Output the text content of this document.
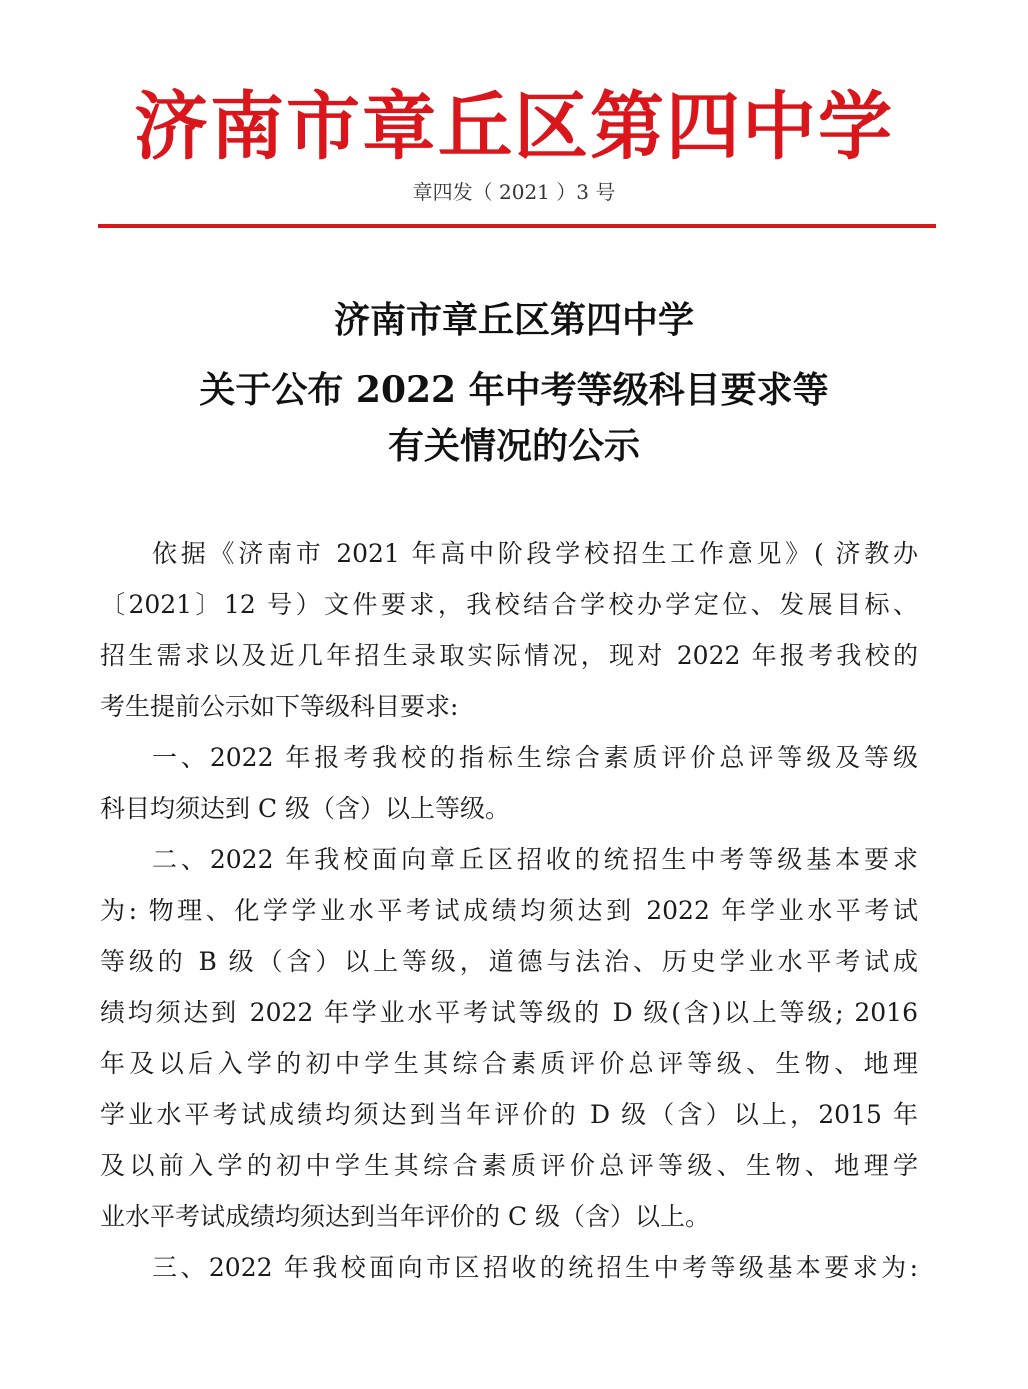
济南市章丘区第四中学
章四发（ 2021 ）3 号
济南市章丘区第四中学
关于公布 2022 年中考等级科目要求等
有关情况的公示
依据《济南市 2021 年高中阶段学校招生工作意见》( 济教办
〔2021〕12 号）文件要求，我校结合学校办学定位、发展目标、
招生需求以及近几年招生录取实际情况，现对 2022 年报考我校的
考生提前公示如下等级科目要求:
一、2022 年报考我校的指标生综合素质评价总评等级及等级
科目均须达到 C 级（含）以上等级。
二、2022 年我校面向章丘区招收的统招生中考等级基本要求
为: 物理、化学学业水平考试成绩均须达到 2022 年学业水平考试
等级的 B 级（含）以上等级，道德与法治、历史学业水平考试成
绩均须达到 2022 年学业水平考试等级的 D 级(含)以上等级; 2016
年及以后入学的初中学生其综合素质评价总评等级、生物、地理
学业水平考试成绩均须达到当年评价的 D 级（含）以上，2015 年
及以前入学的初中学生其综合素质评价总评等级、生物、地理学
业水平考试成绩均须达到当年评价的 C 级（含）以上。
三、2022 年我校面向市区招收的统招生中考等级基本要求为:
